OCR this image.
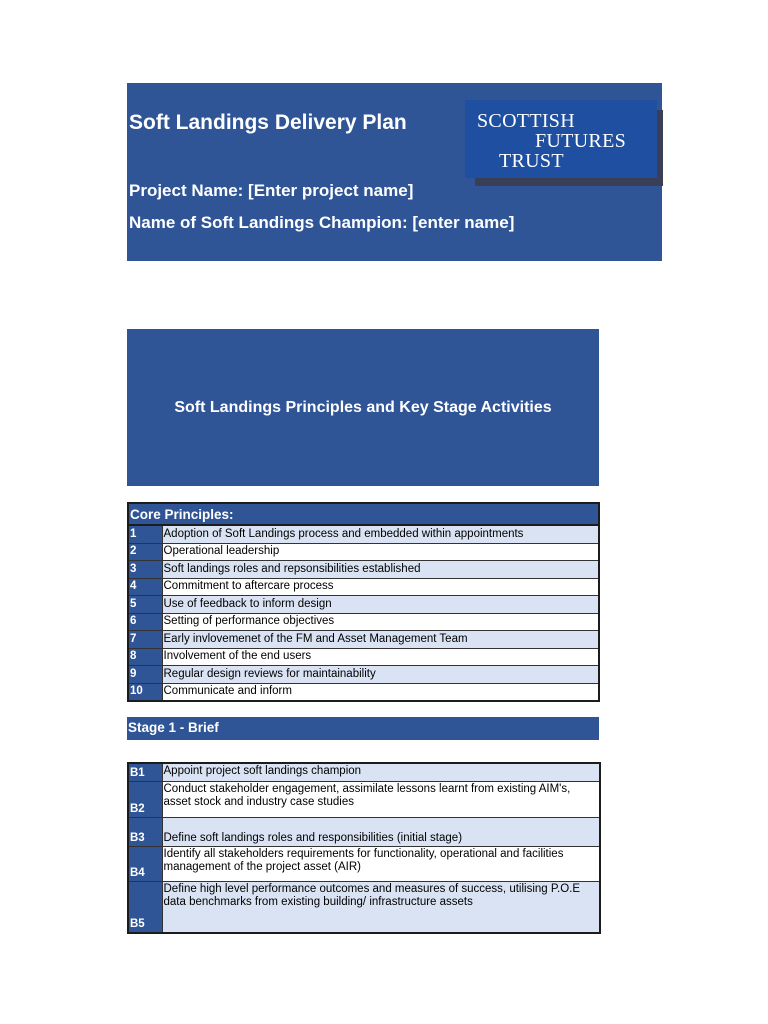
Soft Landings Delivery Plan	SCOTTISH
FUTURES
TRUST
Project Name: [Enter project name]
Name of Soft Landings Champion: [enter name]
Soft Landings Principles and Key Stage Activities
Core Principles:	
1	Adoption of Soft Landings process and embedded within appointments
2	Operational leadership
3	Soft landings roles and repsonsibilities established
4	Commitment to aftercare process
5	Use of feedback to inform design
6	Setting of performance objectives
7	Early invlovemenet of the FM and Asset Management Team
8	Involvement of the end users
9	Regular design reviews for maintainability
10	Communicate and inform
Stage 1 - Brief
B1	Appoint project soft landings champion
B2	Conduct stakeholder engagement, assimilate lessons learnt from existing AIM's, asset stock and industry case studies
B3	Define soft landings roles and responsibilities (initial stage)
B4	Identify all stakeholders requirements for functionality, operational and facilities management of the project asset (AIR)
B5	Define high level performance outcomes and measures of success, utilising P.O.E data benchmarks from existing building/ infrastructure assets
